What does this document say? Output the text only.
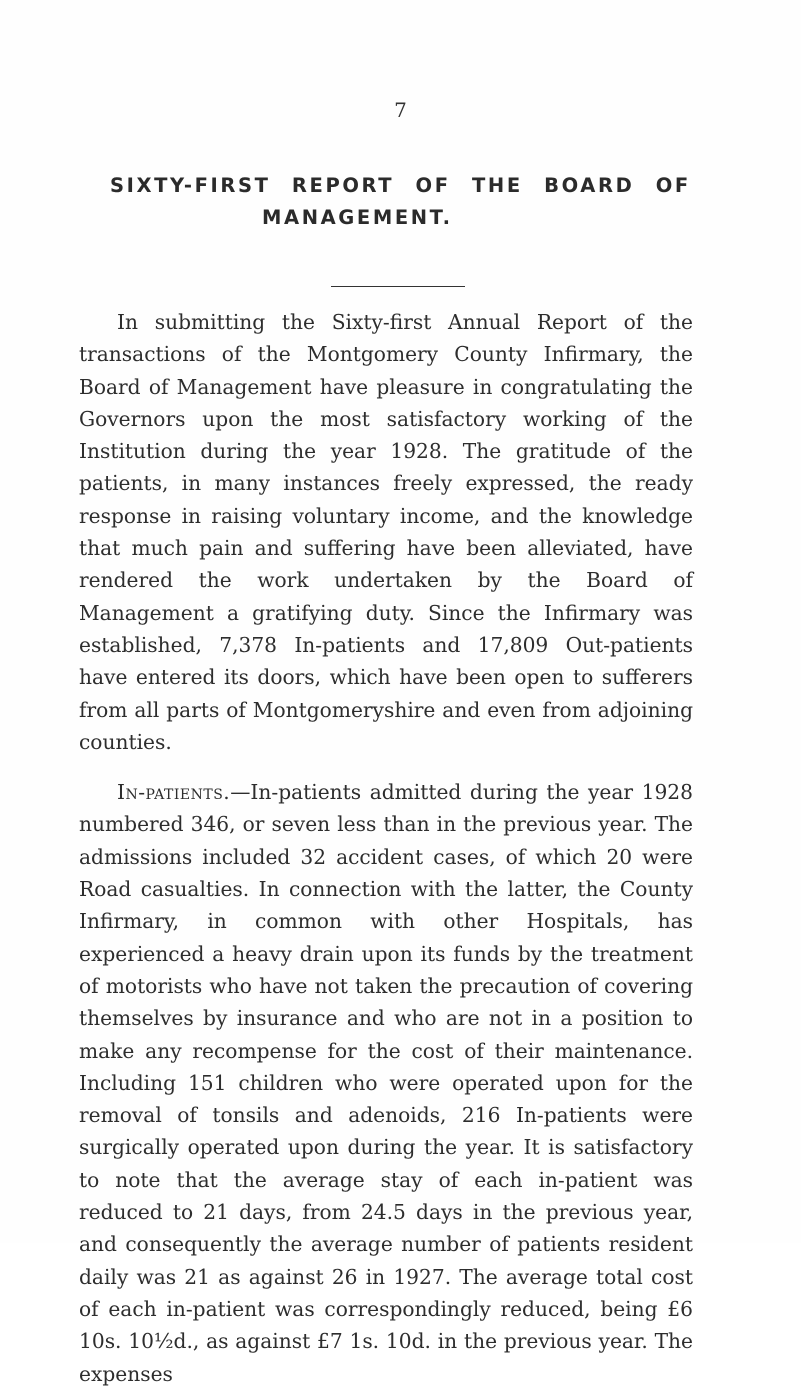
7
SIXTY-FIRST REPORT OF THE BOARD OF
MANAGEMENT.

In submitting the Sixty-first Annual Report of the transactions of the Montgomery County Infirmary, the Board of Management have pleasure in congratulating the Governors upon the most satisfactory working of the Institution during the year 1928. The gratitude of the patients, in many instances freely expressed, the ready response in raising voluntary income, and the knowledge that much pain and suffering have been alleviated, have rendered the work undertaken by the Board of Management a gratifying duty. Since the Infirmary was established, 7,378 In-patients and 17,809 Out-patients have entered its doors, which have been open to sufferers from all parts of Montgomeryshire and even from adjoining counties.

In-patients.—In-patients admitted during the year 1928 numbered 346, or seven less than in the previous year. The admissions included 32 accident cases, of which 20 were Road casualties. In connection with the latter, the County Infirmary, in common with other Hospitals, has experienced a heavy drain upon its funds by the treatment of motorists who have not taken the precaution of covering themselves by insurance and who are not in a position to make any recompense for the cost of their maintenance. Including 151 children who were operated upon for the removal of tonsils and adenoids, 216 In-patients were surgically operated upon during the year. It is satisfactory to note that the average stay of each in-patient was reduced to 21 days, from 24.5 days in the previous year, and consequently the average number of patients resident daily was 21 as against 26 in 1927. The average total cost of each in-patient was correspondingly reduced, being £6 10s. 10½d., as against £7 1s. 10d. in the previous year. The expenses
